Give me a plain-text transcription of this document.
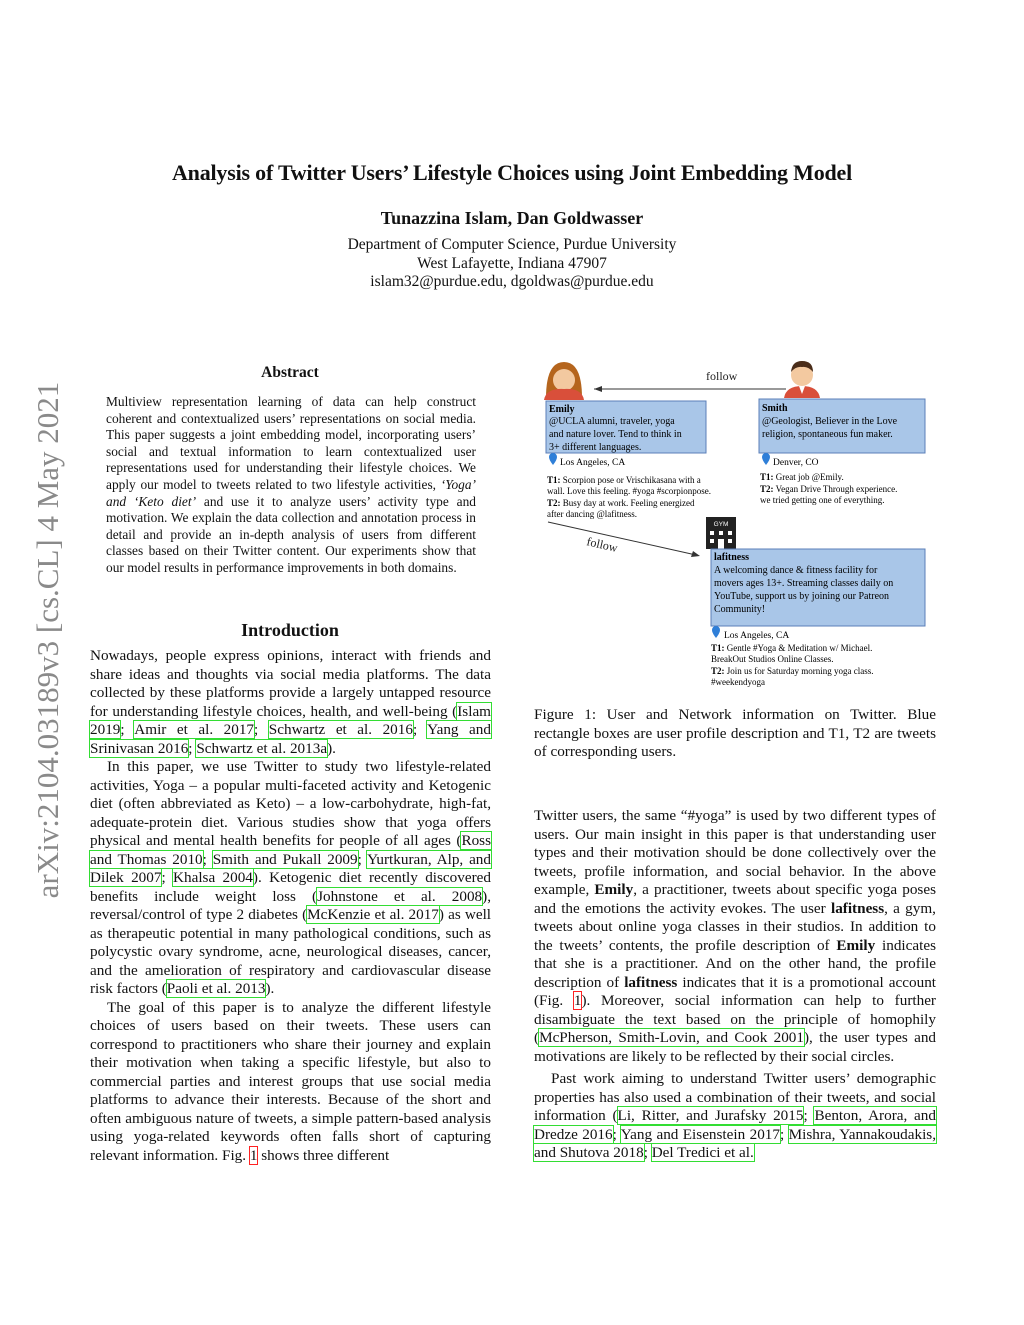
Analysis of Twitter Users’ Lifestyle Choices using Joint Embedding Model
Tunazzina Islam, Dan Goldwasser
Department of Computer Science, Purdue University
West Lafayette, Indiana 47907
islam32@purdue.edu, dgoldwas@purdue.edu
arXiv:2104.03189v3 [cs.CL] 4 May 2021
Abstract
Multiview representation learning of data can help construct coherent and contextualized users’ representations on social media. This paper suggests a joint embedding model, incorporating users’ social and textual information to learn contextualized user representations used for understanding their lifestyle choices. We apply our model to tweets related to two lifestyle activities, ‘Yoga’ and ‘Keto diet’ and use it to analyze users’ activity type and motivation. We explain the data collection and annotation process in detail and provide an in-depth analysis of users from different classes based on their Twitter content. Our experiments show that our model results in performance improvements in both domains.
Introduction

Nowadays, people express opinions, interact with friends and share ideas and thoughts via social media platforms. The data collected by these platforms provide a largely untapped resource for understanding lifestyle choices, health, and well-being (Islam 2019; Amir et al. 2017; Schwartz et al. 2016; Yang and Srinivasan 2016; Schwartz et al. 2013a).

In this paper, we use Twitter to study two lifestyle-related activities, Yoga – a popular multi-faceted activity and Ketogenic diet (often abbreviated as Keto) – a low-carbohydrate, high-fat, adequate-protein diet. Various studies show that yoga offers physical and mental health benefits for people of all ages (Ross and Thomas 2010; Smith and Pukall 2009; Yurtkuran, Alp, and Dilek 2007; Khalsa 2004). Ketogenic diet recently discovered benefits include weight loss (Johnstone et al. 2008), reversal/control of type 2 diabetes (McKenzie et al. 2017) as well as therapeutic potential in many pathological conditions, such as polycystic ovary syndrome, acne, neurological diseases, cancer, and the amelioration of respiratory and cardiovascular disease risk factors (Paoli et al. 2013).

The goal of this paper is to analyze the different lifestyle choices of users based on their tweets. These users can correspond to practitioners who share their journey and explain their motivation when taking a specific lifestyle, but also to commercial parties and interest groups that use social media platforms to advance their interests. Because of the short and often ambiguous nature of tweets, a simple pattern-based analysis using yoga-related keywords often falls short of capturing relevant information. Fig. 1 shows three different

follow
Emily
@UCLA alumni, traveler, yoga
and nature lover. Tend to think in
3+ different languages.
Los Angeles, CA
T1: Scorpion pose or Vrischikasana with a
wall. Love this feeling. #yoga #scorpionpose.
T2: Busy day at work. Feeling energized
after dancing @lafitness.
Smith
@Geologist, Believer in the Love
religion, spontaneous fun maker.
Denver, CO
T1: Great job @Emily.
T2: Vegan Drive Through experience.
we tried getting one of everything.
follow
GYM
lafitness
A welcoming dance & fitness facility for
movers ages 13+. Streaming classes daily on
YouTube, support us by joining our Patreon
Community!
Los Angeles, CA
T1: Gentle #Yoga & Meditation w/ Michael.
BreakOut Studios Online Classes.
T2: Join us for Saturday morning yoga class.
#weekendyoga
Figure 1: User and Network information on Twitter. Blue rectangle boxes are user profile description and T1, T2 are tweets of corresponding users.

Twitter users, the same “#yoga” is used by two different types of users. Our main insight in this paper is that understanding user types and their motivation should be done collectively over the tweets, profile information, and social behavior. In the above example, Emily, a practitioner, tweets about specific yoga poses and the emotions the activity evokes. The user lafitness, a gym, tweets about online yoga classes in their studios. In addition to the tweets’ contents, the profile description of Emily indicates that she is a practitioner. And on the other hand, the profile description of lafitness indicates that it is a promotional account (Fig. 1). Moreover, social information can help to further disambiguate the text based on the principle of homophily (McPherson, Smith-Lovin, and Cook 2001), the user types and motivations are likely to be reflected by their social circles.

Past work aiming to understand Twitter users’ demographic properties has also used a combination of their tweets, and social information (Li, Ritter, and Jurafsky 2015; Benton, Arora, and Dredze 2016; Yang and Eisenstein 2017; Mishra, Yannakoudakis, and Shutova 2018; Del Tredici et al.
